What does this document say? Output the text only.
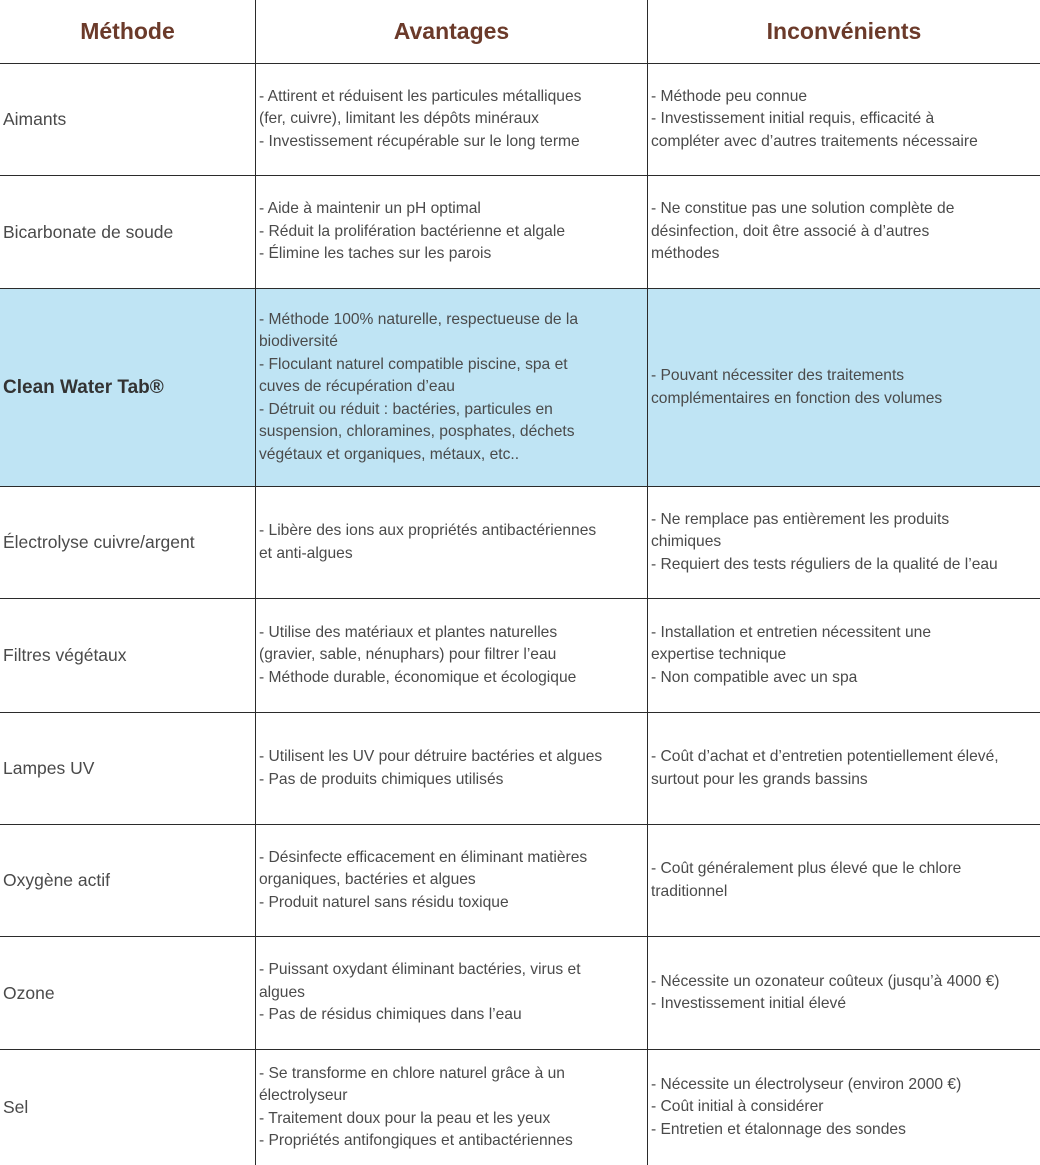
Méthode	Avantages	Inconvénients
Aimants
- Attirent et réduisent les particules métalliques
(fer, cuivre), limitant les dépôts minéraux
- Investissement récupérable sur le long terme
- Méthode peu connue
- Investissement initial requis, efficacité à
compléter avec d’autres traitements nécessaire
Bicarbonate de soude
- Aide à maintenir un pH optimal
- Réduit la prolifération bactérienne et algale
- Élimine les taches sur les parois
- Ne constitue pas une solution complète de
désinfection, doit être associé à d’autres
méthodes
Clean Water Tab®
- Méthode 100% naturelle, respectueuse de la
biodiversité
- Floculant naturel compatible piscine, spa et
cuves de récupération d’eau
- Détruit ou réduit : bactéries, particules en
suspension, chloramines, posphates, déchets
végétaux et organiques, métaux, etc..
- Pouvant nécessiter des traitements
complémentaires en fonction des volumes
Électrolyse cuivre/argent
- Libère des ions aux propriétés antibactériennes
et anti-algues
- Ne remplace pas entièrement les produits
chimiques
- Requiert des tests réguliers de la qualité de l’eau
Filtres végétaux
- Utilise des matériaux et plantes naturelles
(gravier, sable, nénuphars) pour filtrer l’eau
- Méthode durable, économique et écologique
- Installation et entretien nécessitent une
expertise technique
- Non compatible avec un spa
Lampes UV
- Utilisent les UV pour détruire bactéries et algues
- Pas de produits chimiques utilisés
- Coût d’achat et d’entretien potentiellement élevé,
surtout pour les grands bassins
Oxygène actif
- Désinfecte efficacement en éliminant matières
organiques, bactéries et algues
- Produit naturel sans résidu toxique
- Coût généralement plus élevé que le chlore
traditionnel
Ozone
- Puissant oxydant éliminant bactéries, virus et
algues
- Pas de résidus chimiques dans l’eau
- Nécessite un ozonateur coûteux (jusqu’à 4000 €)
- Investissement initial élevé
Sel
- Se transforme en chlore naturel grâce à un
électrolyseur
- Traitement doux pour la peau et les yeux
- Propriétés antifongiques et antibactériennes
- Nécessite un électrolyseur (environ 2000 €)
- Coût initial à considérer
- Entretien et étalonnage des sondes
